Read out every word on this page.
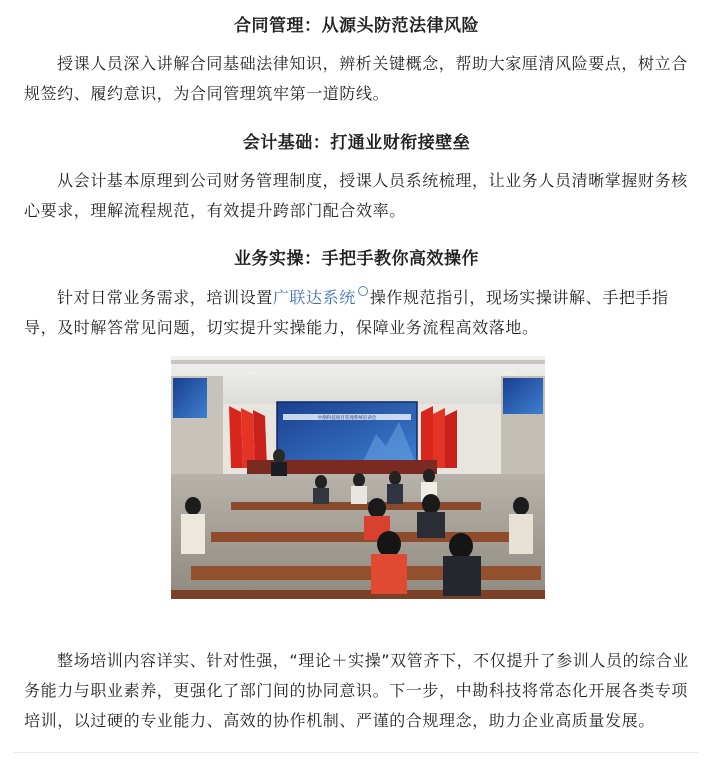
合同管理：从源头防范法律风险

授课人员深入讲解合同基础法律知识，辨析关键概念，帮助大家厘清风险要点，树立合规签约、履约意识，为合同管理筑牢第一道防线。

会计基础：打通业财衔接壁垒

从会计基本原理到公司财务管理制度，授课人员系统梳理，让业务人员清晰掌握财务核心要求，理解流程规范，有效提升跨部门配合效率。

业务实操：手把手教你高效操作

针对日常业务需求，培训设置广联达系统 操作规范指引，现场实操讲解、手把手指导，及时解答常见问题，切实提升实操能力，保障业务流程高效落地。

中勘科技项目管理系统培训会

整场培训内容详实、针对性强，“理论＋实操”双管齐下，不仅提升了参训人员的综合业务能力与职业素养，更强化了部门间的协同意识。下一步，中勘科技将常态化开展各类专项培训，以过硬的专业能力、高效的协作机制、严谨的合规理念，助力企业高质量发展。
